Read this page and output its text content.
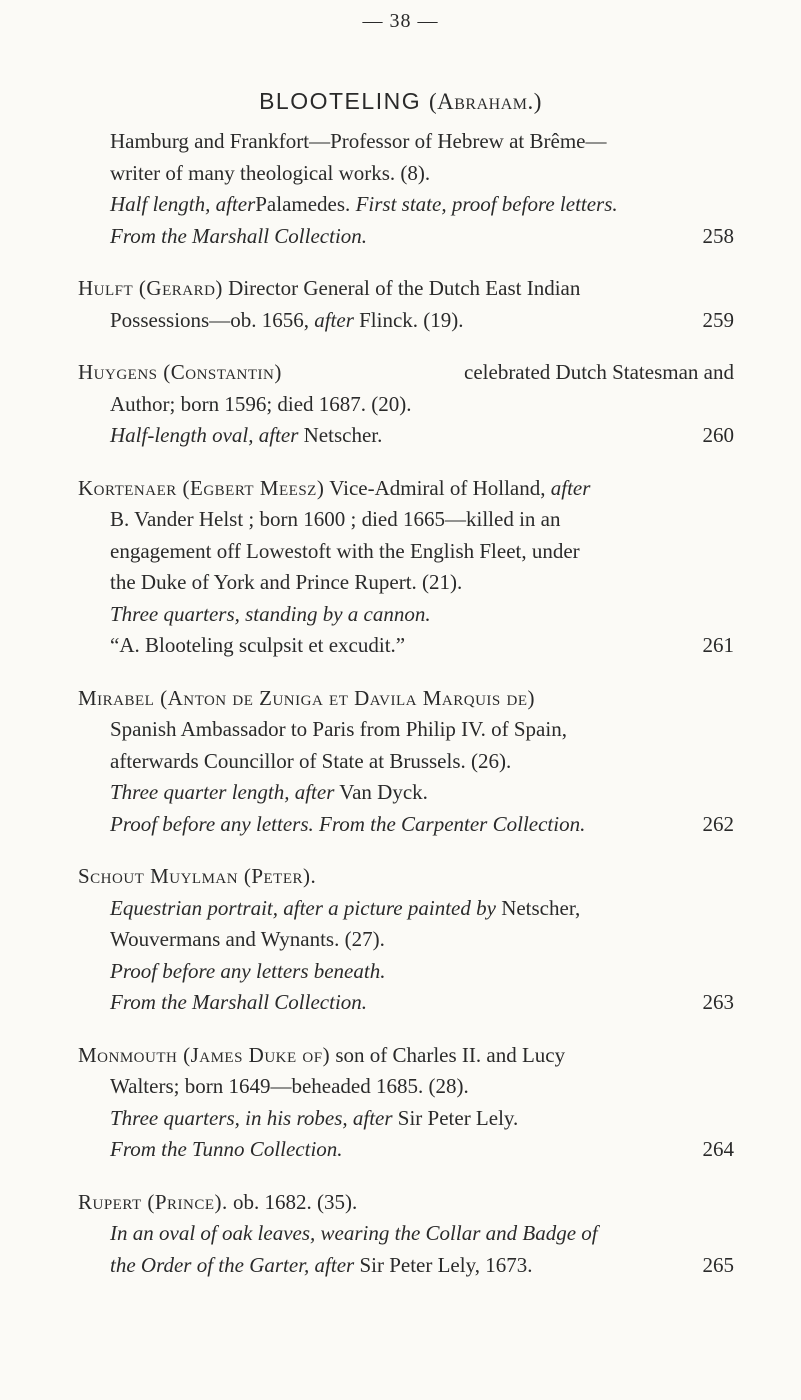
— 38 —
BLOOTELING (Abraham.)
Hamburg and Frankfort—Professor of Hebrew at Brême—
writer of many theological works. (8).
Half length, afterPalamedes. First state, proof before letters.
From the Marshall Collection.	258
Hulft (Gerard) Director General of the Dutch East Indian
Possessions—ob. 1656, after Flinck. (19).	259
Huygens (Constantin)	celebrated Dutch Statesman and
Author; born 1596; died 1687. (20).
Half-length oval, after Netscher.	260
Kortenaer (Egbert Meesz) Vice-Admiral of Holland, after
B. Vander Helst ; born 1600 ; died 1665—killed in an
engagement off Lowestoft with the English Fleet, under
the Duke of York and Prince Rupert. (21).
Three quarters, standing by a cannon.
“A. Blooteling sculpsit et excudit.”	261
Mirabel (Anton de Zuniga et Davila Marquis de)
Spanish Ambassador to Paris from Philip IV. of Spain,
afterwards Councillor of State at Brussels. (26).
Three quarter length, after Van Dyck.
Proof before any letters. From the Carpenter Collection.	262
Schout Muylman (Peter).
Equestrian portrait, after a picture painted by Netscher,
Wouvermans and Wynants. (27).
Proof before any letters beneath.
From the Marshall Collection.	263
Monmouth (James Duke of) son of Charles II. and Lucy
Walters; born 1649—beheaded 1685. (28).
Three quarters, in his robes, after Sir Peter Lely.
From the Tunno Collection.	264
Rupert (Prince). ob. 1682. (35).
In an oval of oak leaves, wearing the Collar and Badge of
the Order of the Garter, after Sir Peter Lely, 1673.	265
